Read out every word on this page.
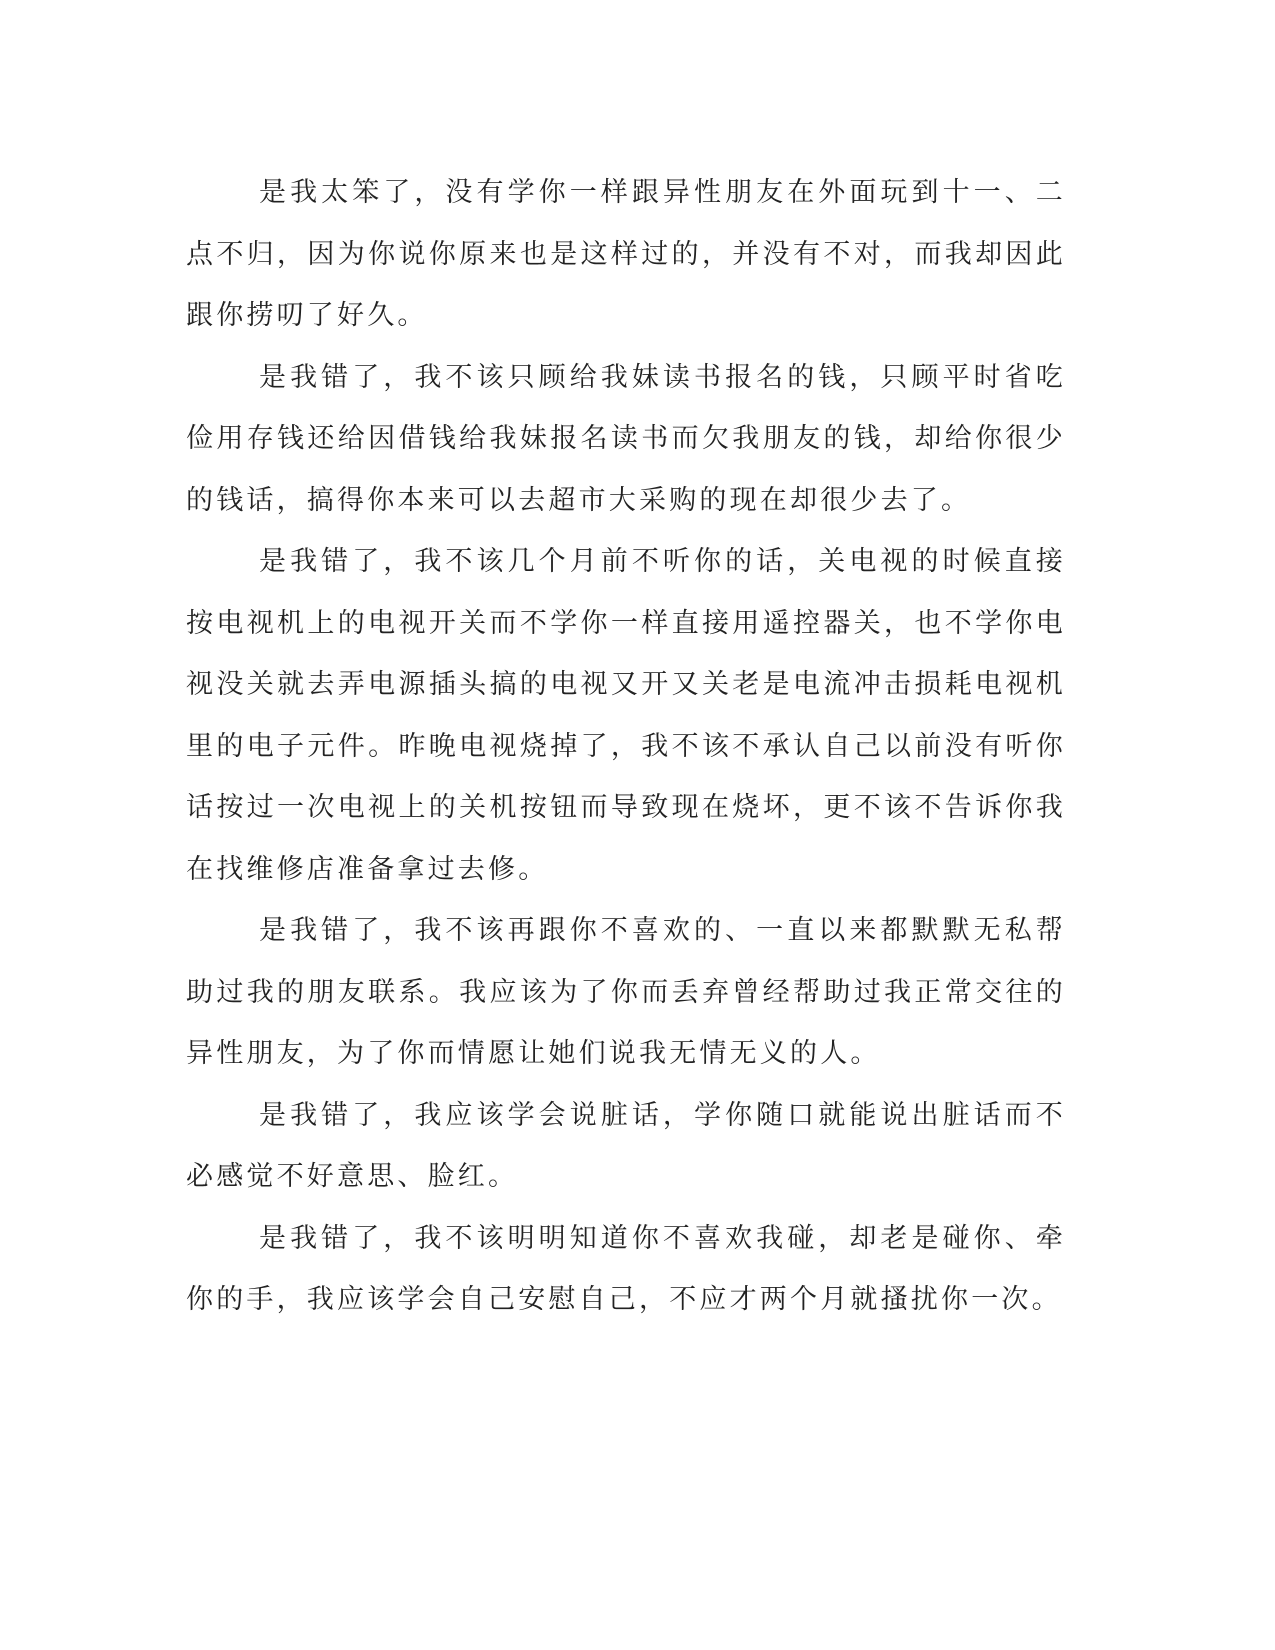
是我太笨了，没有学你一样跟异性朋友在外面玩到十一、二点不归，因为你说你原来也是这样过的，并没有不对，而我却因此跟你捞叨了好久。

是我错了，我不该只顾给我妹读书报名的钱，只顾平时省吃俭用存钱还给因借钱给我妹报名读书而欠我朋友的钱，却给你很少的钱话，搞得你本来可以去超市大采购的现在却很少去了。

是我错了，我不该几个月前不听你的话，关电视的时候直接按电视机上的电视开关而不学你一样直接用遥控器关，也不学你电视没关就去弄电源插头搞的电视又开又关老是电流冲击损耗电视机里的电子元件。昨晚电视烧掉了，我不该不承认自己以前没有听你话按过一次电视上的关机按钮而导致现在烧坏，更不该不告诉你我在找维修店准备拿过去修。

是我错了，我不该再跟你不喜欢的、一直以来都默默无私帮助过我的朋友联系。我应该为了你而丢弃曾经帮助过我正常交往的异性朋友，为了你而情愿让她们说我无情无义的人。

是我错了，我应该学会说脏话，学你随口就能说出脏话而不必感觉不好意思、脸红。

是我错了，我不该明明知道你不喜欢我碰，却老是碰你、牵你的手，我应该学会自己安慰自己，不应才两个月就搔扰你一次。
